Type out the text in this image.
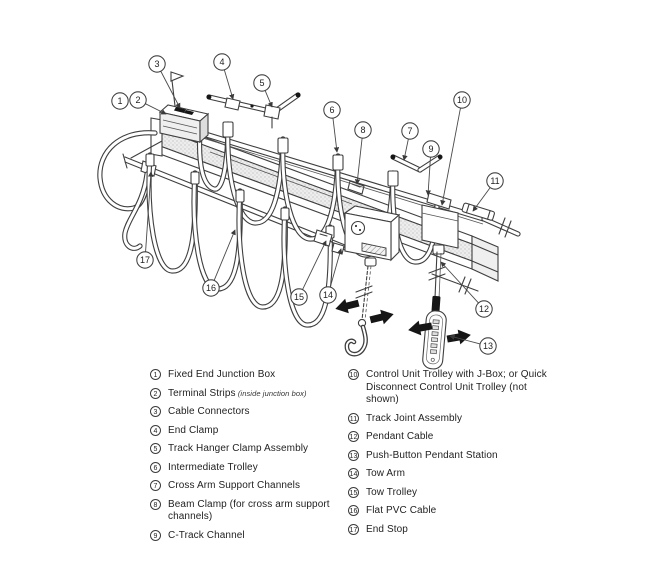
1 2
3	4
5
6
7
8
9
10
11
12
13
14
15
16
17
1	Fixed End Junction Box
2	Terminal Strips (inside junction box)
3	Cable Connectors
4	End Clamp
5	Track Hanger Clamp Assembly
6	Intermediate Trolley
7	Cross Arm Support Channels
8	Beam Clamp (for cross arm support channels)
9	C-Track Channel
10 Control Unit Trolley with J-Box; or Quick Disconnect Control Unit Trolley (not shown)
11 Track Joint Assembly
12 Pendant Cable
13 Push-Button Pendant Station
14 Tow Arm
15 Tow Trolley
16 Flat PVC Cable
17 End Stop
